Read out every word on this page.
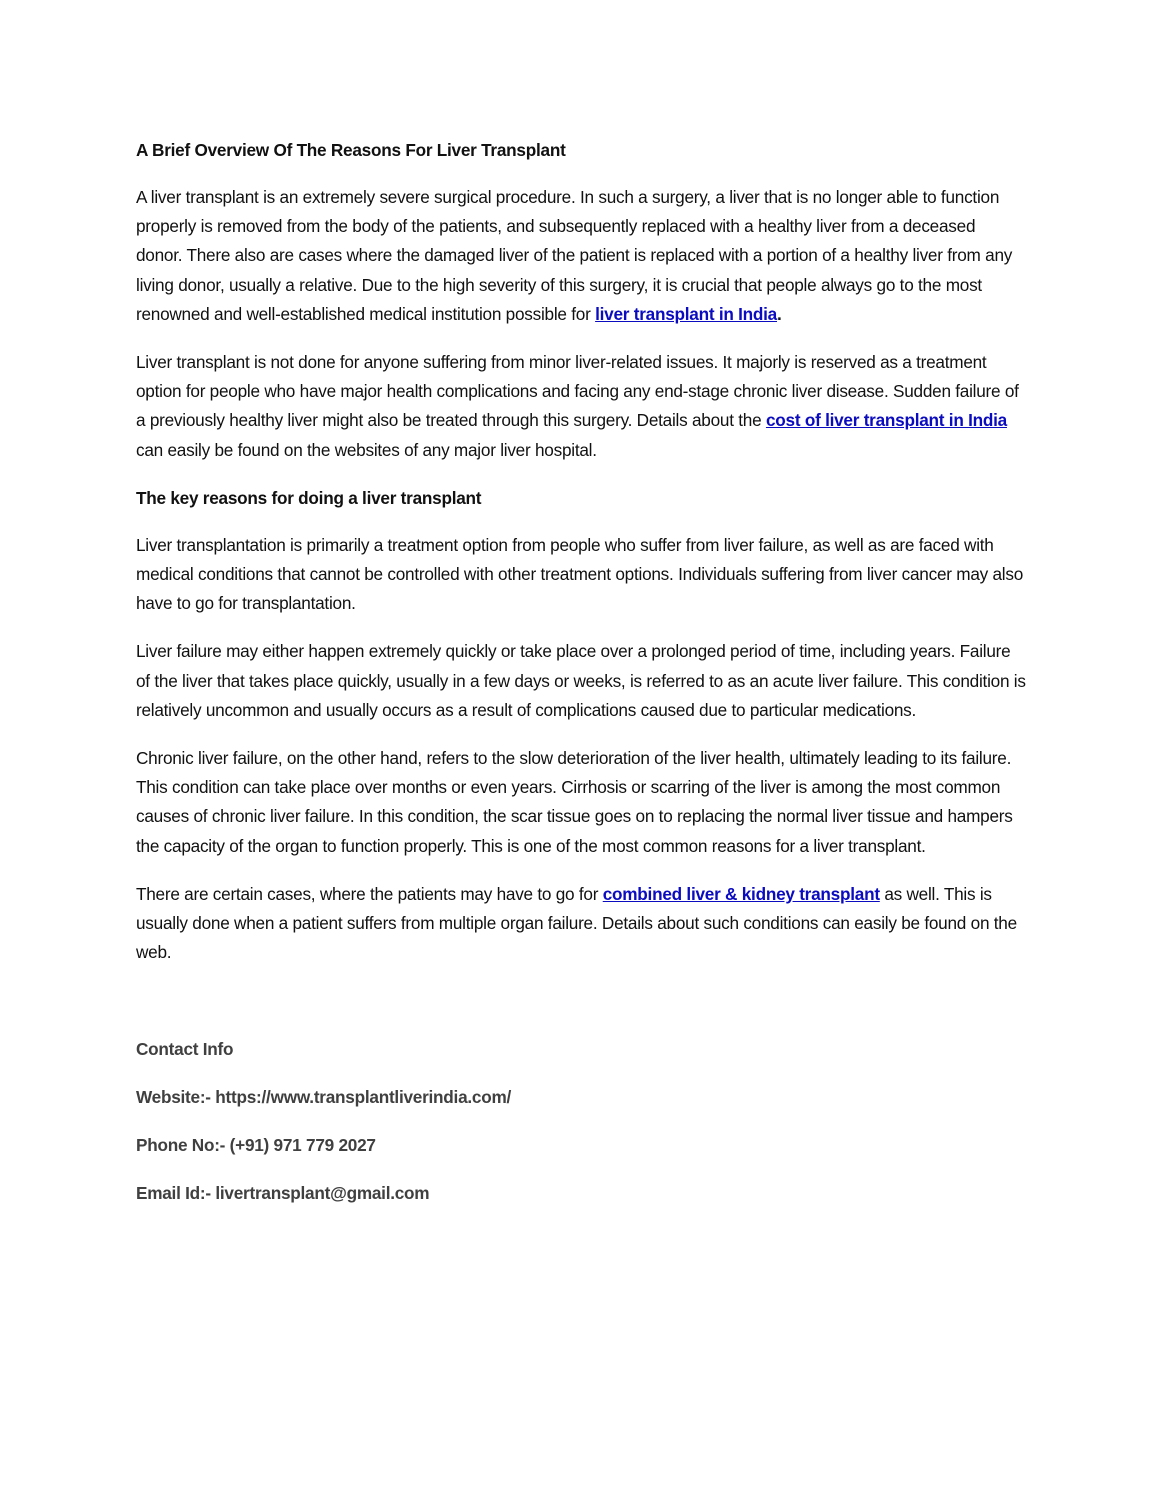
A Brief Overview Of The Reasons For Liver Transplant

A liver transplant is an extremely severe surgical procedure. In such a surgery, a liver that is no longer able to function properly is removed from the body of the patients, and subsequently replaced with a healthy liver from a deceased donor. There also are cases where the damaged liver of the patient is replaced with a portion of a healthy liver from any living donor, usually a relative. Due to the high severity of this surgery, it is crucial that people always go to the most renowned and well-established medical institution possible for liver transplant in India.

Liver transplant is not done for anyone suffering from minor liver-related issues. It majorly is reserved as a treatment option for people who have major health complications and facing any end-stage chronic liver disease. Sudden failure of a previously healthy liver might also be treated through this surgery. Details about the cost of liver transplant in India can easily be found on the websites of any major liver hospital.

The key reasons for doing a liver transplant

Liver transplantation is primarily a treatment option from people who suffer from liver failure, as well as are faced with medical conditions that cannot be controlled with other treatment options. Individuals suffering from liver cancer may also have to go for transplantation.

Liver failure may either happen extremely quickly or take place over a prolonged period of time, including years. Failure of the liver that takes place quickly, usually in a few days or weeks, is referred to as an acute liver failure. This condition is relatively uncommon and usually occurs as a result of complications caused due to particular medications.

Chronic liver failure, on the other hand, refers to the slow deterioration of the liver health, ultimately leading to its failure. This condition can take place over months or even years. Cirrhosis or scarring of the liver is among the most common causes of chronic liver failure. In this condition, the scar tissue goes on to replacing the normal liver tissue and hampers the capacity of the organ to function properly. This is one of the most common reasons for a liver transplant.

There are certain cases, where the patients may have to go for combined liver & kidney transplant as well. This is usually done when a patient suffers from multiple organ failure. Details about such conditions can easily be found on the web.

Contact Info
Website:- https://www.transplantliverindia.com/
Phone No:- (+91) 971 779 2027
Email Id:- livertransplant@gmail.com
